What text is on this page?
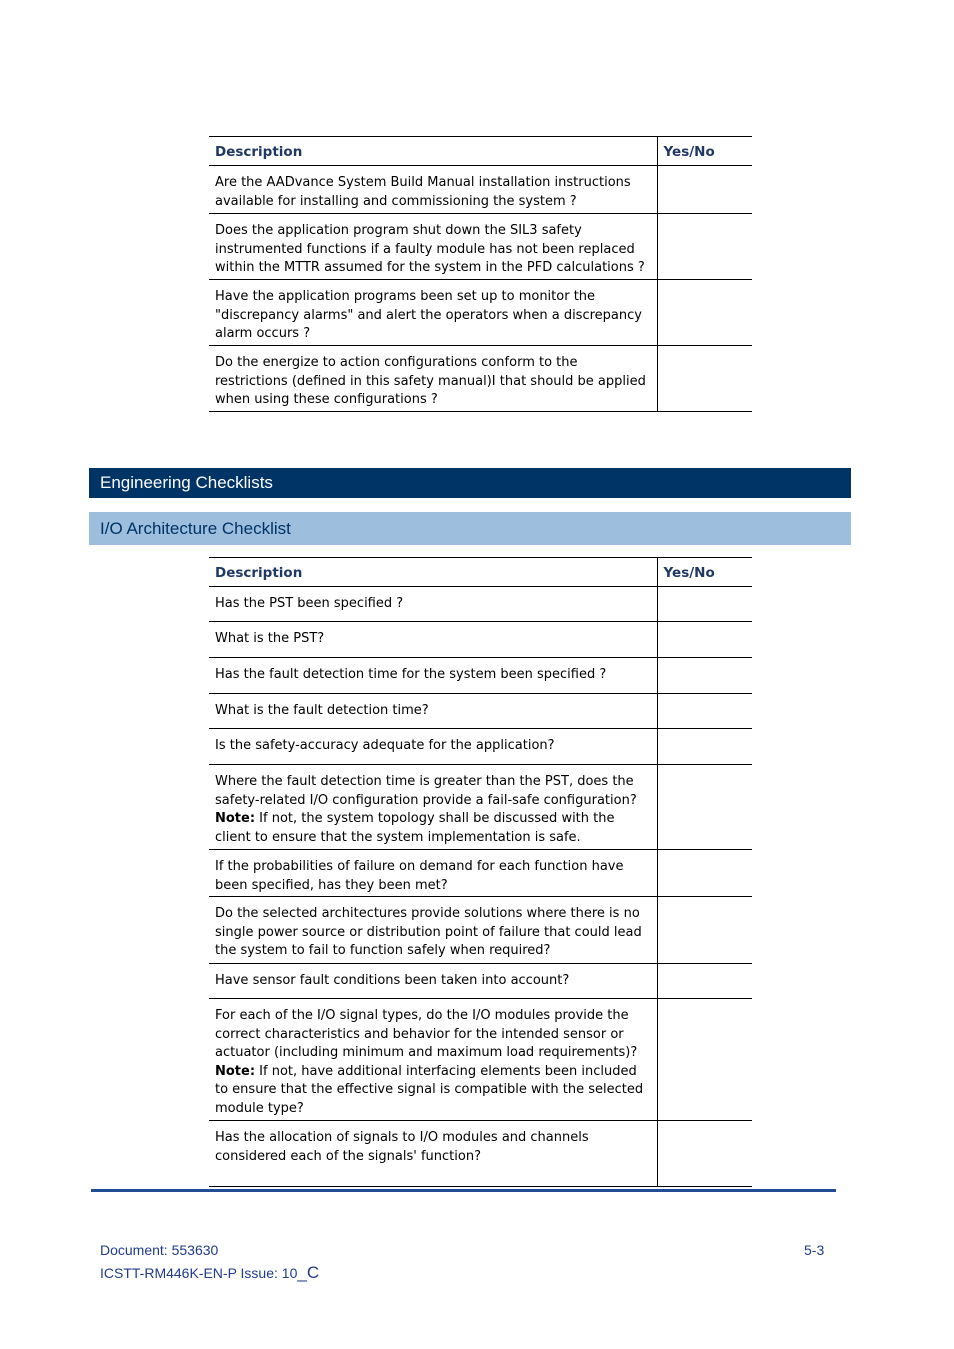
Description	Yes/No
Are the AADvance System Build Manual installation instructions available for installing and commissioning the system ?	
Does the application program shut down the SIL3 safety instrumented functions if a faulty module has not been replaced within the MTTR assumed for the system in the PFD calculations ?	
Have the application programs been set up to monitor the "discrepancy alarms" and alert the operators when a discrepancy alarm occurs ?	
Do the energize to action configurations conform to the restrictions (defined in this safety manual)I that should be applied when using these configurations ?	
Engineering Checklists
I/O Architecture Checklist
Description	Yes/No
Has the PST been specified ?	
What is the PST?	
Has the fault detection time for the system been specified ?	
What is the fault detection time?	
Is the safety-accuracy adequate for the application?	
Where the fault detection time is greater than the PST, does the safety-related I/O configuration provide a fail-safe configuration? Note: If not, the system topology shall be discussed with the client to ensure that the system implementation is safe.	
If the probabilities of failure on demand for each function have been specified, has they been met?	
Do the selected architectures provide solutions where there is no single power source or distribution point of failure that could lead the system to fail to function safely when required?	
Have sensor fault conditions been taken into account?	
For each of the I/O signal types, do the I/O modules provide the correct characteristics and behavior for the intended sensor or actuator (including minimum and maximum load requirements)? Note: If not, have additional interfacing elements been included to ensure that the effective signal is compatible with the selected module type?	
Has the allocation of signals to I/O modules and channels considered each of the signals' function?	
Document: 553630
ICSTT-RM446K-EN-P Issue: 10_C
5-3
